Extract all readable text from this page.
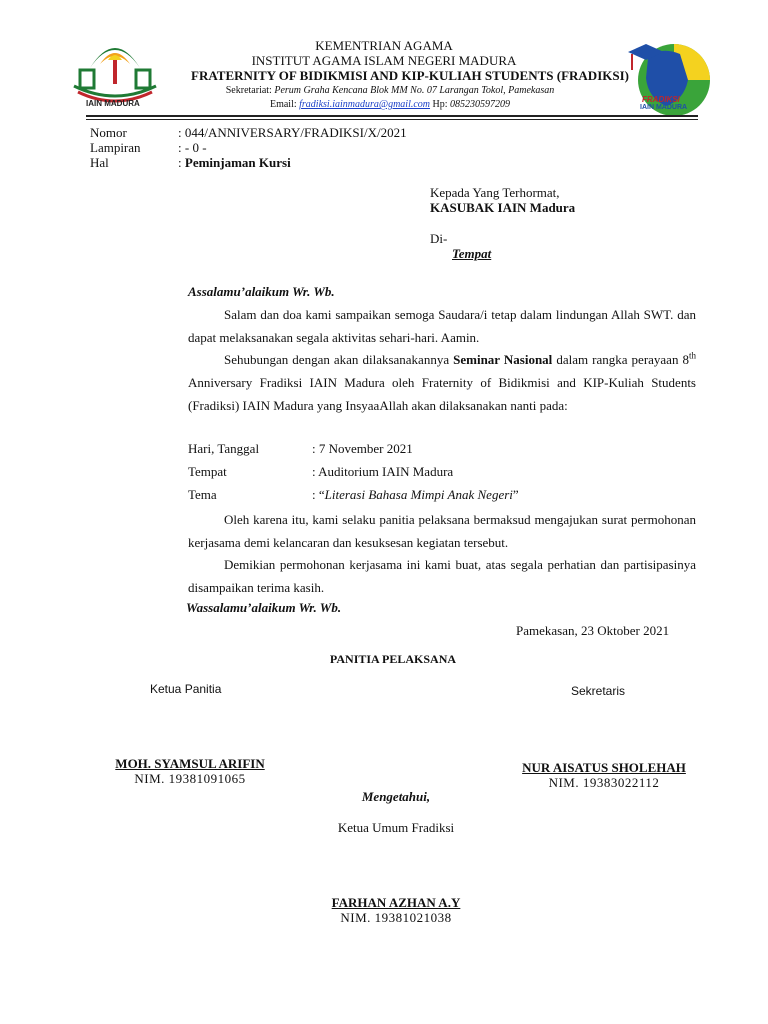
IAIN MADURA	FRADIKSI
IAIN MADURA
KEMENTRIAN AGAMA
INSTITUT AGAMA ISLAM NEGERI MADURA
FRATERNITY OF BIDIKMISI AND KIP-KULIAH STUDENTS (FRADIKSI)
Sekretariat: Perum Graha Kencana Blok MM No. 07 Larangan Tokol, Pamekasan
Email: fradiksi.iainmadura@gmail.com Hp: 085230597209
Nomor	: 044/ANNIVERSARY/FRADIKSI/X/2021
Lampiran	: - 0 -
Hal	: Peminjaman Kursi
Kepada Yang Terhormat,
KASUBAK IAIN Madura
Di-
Tempat
Assalamu’alaikum Wr. Wb.
Salam dan doa kami sampaikan semoga Saudara/i tetap dalam lindungan Allah SWT. dan dapat melaksanakan segala aktivitas sehari-hari. Aamin.
Sehubungan dengan akan dilaksanakannya Seminar Nasional dalam rangka perayaan 8th Anniversary Fradiksi IAIN Madura oleh Fraternity of Bidikmisi and KIP-Kuliah Students (Fradiksi) IAIN Madura yang InsyaaAllah akan dilaksanakan nanti pada:
Hari, Tanggal	: 7 November 2021
Tempat	: Auditorium IAIN Madura
Tema	: “Literasi Bahasa Mimpi Anak Negeri”
Oleh karena itu, kami selaku panitia pelaksana bermaksud mengajukan surat permohonan kerjasama demi kelancaran dan kesuksesan kegiatan tersebut.
Demikian permohonan kerjasama ini kami buat, atas segala perhatian dan partisipasinya disampaikan terima kasih.
Wassalamu’alaikum Wr. Wb.
Pamekasan, 23 Oktober 2021
PANITIA PELAKSANA
Ketua Panitia	Sekretaris
MOH. SYAMSUL ARIFIN
NIM. 19381091065
NUR AISATUS SHOLEHAH
NIM. 19383022112
Mengetahui,
Ketua Umum Fradiksi
FARHAN AZHAN A.Y
NIM. 19381021038
